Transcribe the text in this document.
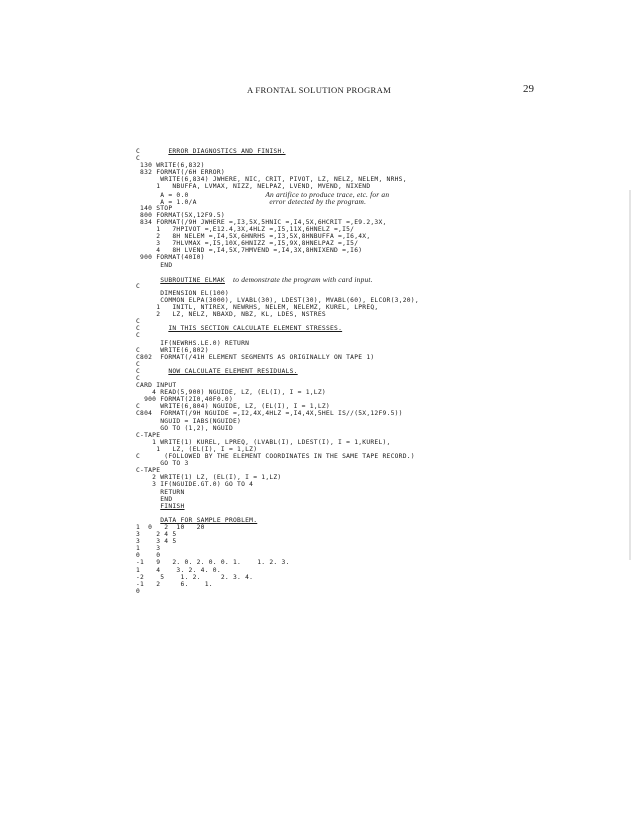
A FRONTAL SOLUTION PROGRAM	29
C       ERROR DIAGNOSTICS AND FINISH.
C
130 WRITE(6,832)
832 FORMAT(/6H ERROR)
WRITE(6,834) JWHERE, NIC, CRIT, PIVOT, LZ, NELZ, NELEM, NRHS,
1   NBUFFA, LVMAX, NIZZ, NELPAZ, LVEND, MVEND, NIXEND
A = 0.0                   An artifice to produce trace, etc. for an
A = 1.0/A                  error detected by the program.
140 STOP
800 FORMAT(5X,12F9.5)
834 FORMAT(/9H JWHERE =,I3,5X,5HNIC =,I4,5X,6HCRIT =,E9.2,3X,
1   7HPIVOT =,E12.4,3X,4HLZ =,I5,11X,6HNELZ =,I5/
2   8H NELEM =,I4,5X,6HNRHS =,I3,5X,8HNBUFFA =,I6,4X,
3   7HLVMAX =,I5,10X,6HNIZZ =,I5,9X,8HNELPAZ =,I5/
4   8H LVEND =,I4,5X,7HMVEND =,I4,3X,8HNIXEND =,I6)
900 FORMAT(40I0)
END
SUBROUTINE ELMAK to demonstrate the program with card input.
C
DIMENSION EL(100)
COMMON ELPA(3000), LVABL(30), LDEST(30), MVABL(60), ELCOR(3,20),
1   INITL, NTIREX, NEWRHS, NELEM, NELEMZ, KUREL, LPREQ,
2   LZ, NELZ, NBAXD, NBZ, KL, LDES, NSTRES
C
C       IN THIS SECTION CALCULATE ELEMENT STRESSES.
C
IF(NEWRHS.LE.0) RETURN
C     WRITE(6,802)
C802  FORMAT(/41H ELEMENT SEGMENTS AS ORIGINALLY ON TAPE 1)
C
C       NOW CALCULATE ELEMENT RESIDUALS.
C
CARD INPUT
4 READ(5,900) NGUIDE, LZ, (EL(I), I = 1,LZ)
900 FORMAT(2I0,40F0.0)
C     WRITE(6,804) NGUIDE, LZ, (EL(I), I = 1,LZ)
C804  FORMAT(/9H NGUIDE =,I2,4X,4HLZ =,I4,4X,5HEL IS//(5X,12F9.5))
NGUID = IABS(NGUIDE)
GO TO (1,2), NGUID
C-TAPE
1 WRITE(1) KUREL, LPREQ, (LVABL(I), LDEST(I), I = 1,KUREL),
1   LZ, (EL(I), I = 1,LZ)
C      (FOLLOWED BY THE ELEMENT COORDINATES IN THE SAME TAPE RECORD.)
GO TO 3
C-TAPE
2 WRITE(1) LZ, (EL(I), I = 1,LZ)
3 IF(NGUIDE.GT.0) GO TO 4
RETURN
END
FINISH
DATA FOR SAMPLE PROBLEM.
1  0   2  10   20
3    2 4 5
3    3 4 5
1    3
0    0
-1   9   2. 0. 2. 0. 0. 1.    1. 2. 3.
1    4    3. 2. 4. 0.
-2    5    1. 2.     2. 3. 4.
-1   2     6.    1.
0
